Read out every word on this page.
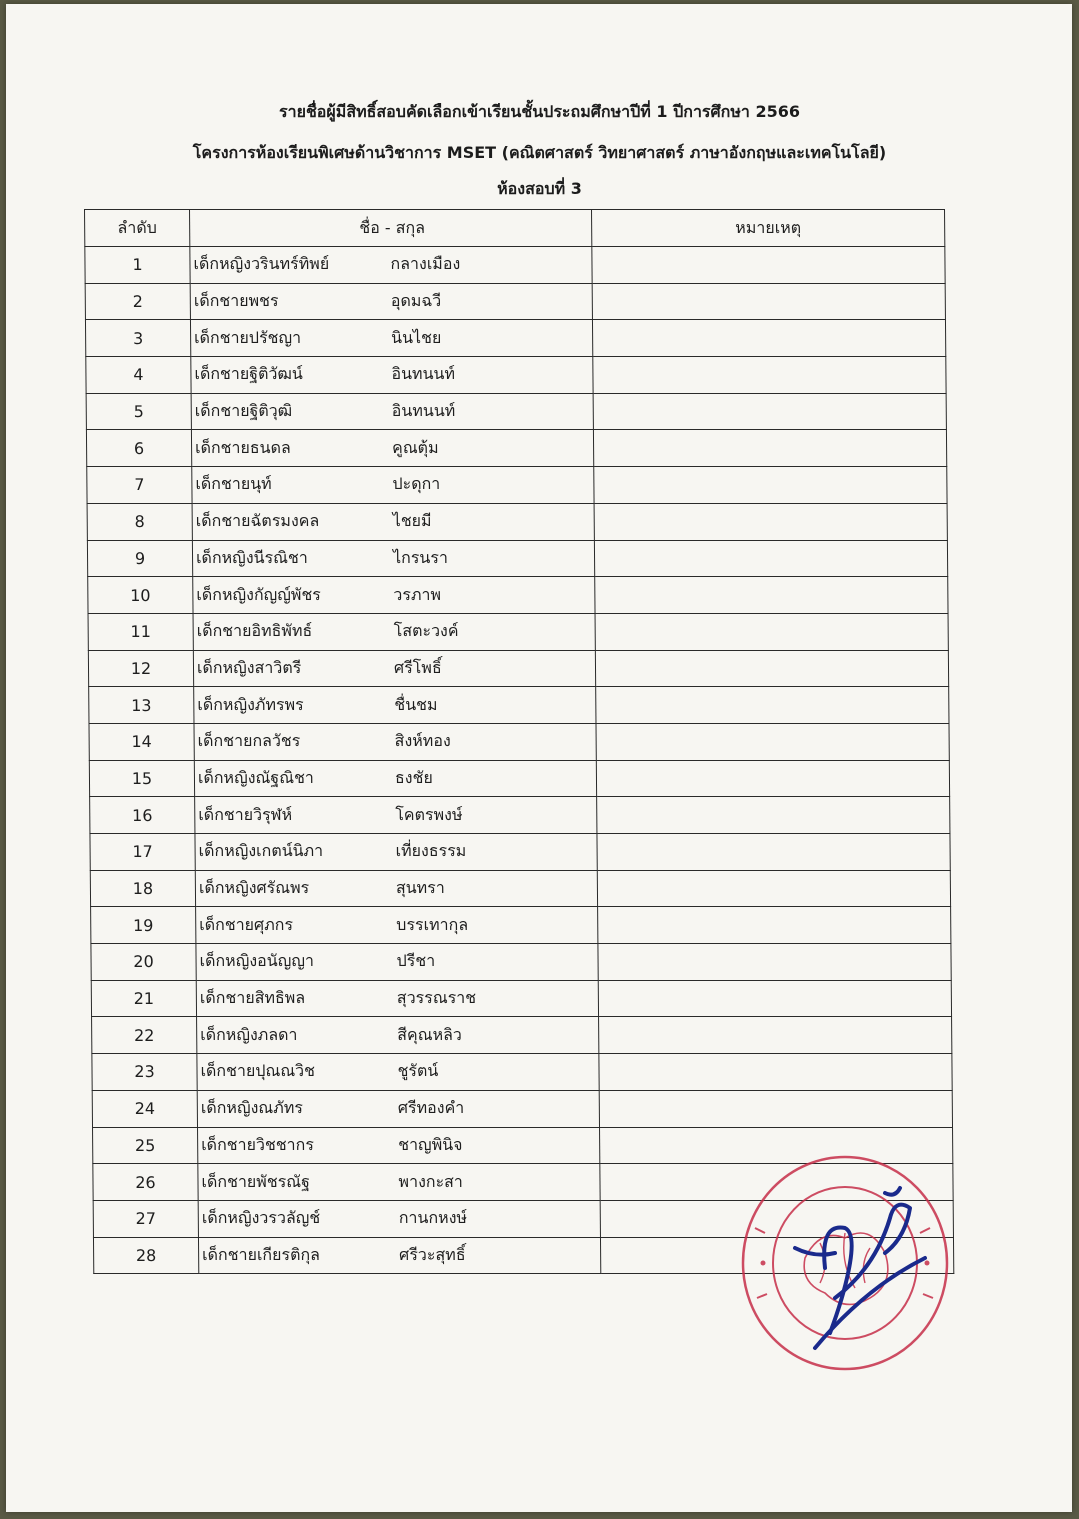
รายชื่อผู้มีสิทธิ์สอบคัดเลือกเข้าเรียนชั้นประถมศึกษาปีที่ 1 ปีการศึกษา 2566
โครงการห้องเรียนพิเศษด้านวิชาการ MSET (คณิตศาสตร์ วิทยาศาสตร์ ภาษาอังกฤษและเทคโนโลยี)
ห้องสอบที่ 3
ลำดับ	ชื่อ - สกุล	หมายเหตุ
1	เด็กหญิงวรินทร์ทิพย์ กลางเมือง	
2	เด็กชายพชร อุดมฉวี	
3	เด็กชายปรัชญา นินไชย	
4	เด็กชายฐิติวัฒน์ อินทนนท์	
5	เด็กชายฐิติวุฒิ อินทนนท์	
6	เด็กชายธนดล คูณตุ้ม	
7	เด็กชายนุท์ ปะดุกา	
8	เด็กชายฉัตรมงคล ไชยมี	
9	เด็กหญิงนีรณิชา ไกรนรา	
10	เด็กหญิงกัญญ์พัชร วรภาพ	
11	เด็กชายอิทธิพัทธ์ โสตะวงค์	
12	เด็กหญิงสาวิตรี ศรีโพธิ์	
13	เด็กหญิงภัทรพร ชื่นชม	
14	เด็กชายกลวัชร สิงห์ทอง	
15	เด็กหญิงณัฐณิชา ธงชัย	
16	เด็กชายวิรุฬห์ โคตรพงษ์	
17	เด็กหญิงเกตน์นิภา เที่ยงธรรม	
18	เด็กหญิงศรัณพร สุนทรา	
19	เด็กชายศุภกร บรรเทากุล	
20	เด็กหญิงอนัญญา ปรีชา	
21	เด็กชายสิทธิพล สุวรรณราช	
22	เด็กหญิงภลดา สีคุณหลิว	
23	เด็กชายปุณณวิช ชูรัตน์	
24	เด็กหญิงณภัทร ศรีทองคำ	
25	เด็กชายวิชชากร ชาญพินิจ	
26	เด็กชายพัชรณัฐ พางกะสา	
27	เด็กหญิงวรวลัญช์ กานกหงษ์	
28	เด็กชายเกียรติกุล ศรีวะสุทธิ์	
